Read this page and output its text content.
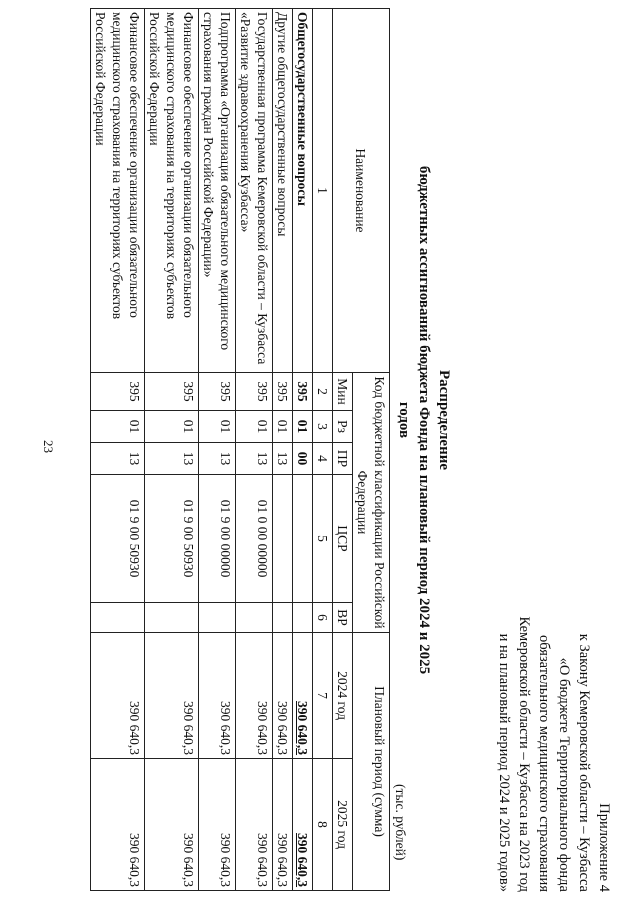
23
Приложение 4
к Закону Кемеровской области – Кузбасса
«О бюджете Территориального фонда
обязательного медицинского страхования
Кемеровской области – Кузбасса на 2023 год
и на плановый период 2024 и 2025 годов»
Распределение
бюджетных ассигнований бюджета Фонда на плановый период 2024 и 2025 годов
(тыс. рублей)
Наименование	Код бюджетной классификации Российской Федерации					Плановый период (сумма)	
	Мин	Рз	ПР	ЦСР	ВР	2024 год	2025 год
1	2	3	4	5	6	7	8
Общегосударственные вопросы	395	01	00			390 640,3	390 640,3
Другие общегосударственные вопросы	395	01	13			390 640,3	390 640,3
Государственная программа Кемеровской области – Кузбасса «Развитие здравоохранения Кузбасса»	395	01	13	01 0 00 00000		390 640,3	390 640,3
Подпрограмма «Организация обязательного медицинского страхования граждан Российской Федерации»	395	01	13	01 9 00 00000		390 640,3	390 640,3
Финансовое обеспечение организации обязательного медицинского страхования на территориях субъектов Российской Федерации	395	01	13	01 9 00 50930		390 640,3	390 640,3
Финансовое обеспечение организации обязательного медицинского страхования на территориях субъектов Российской Федерации	395	01	13	01 9 00 50930		390 640,3	390 640,3
